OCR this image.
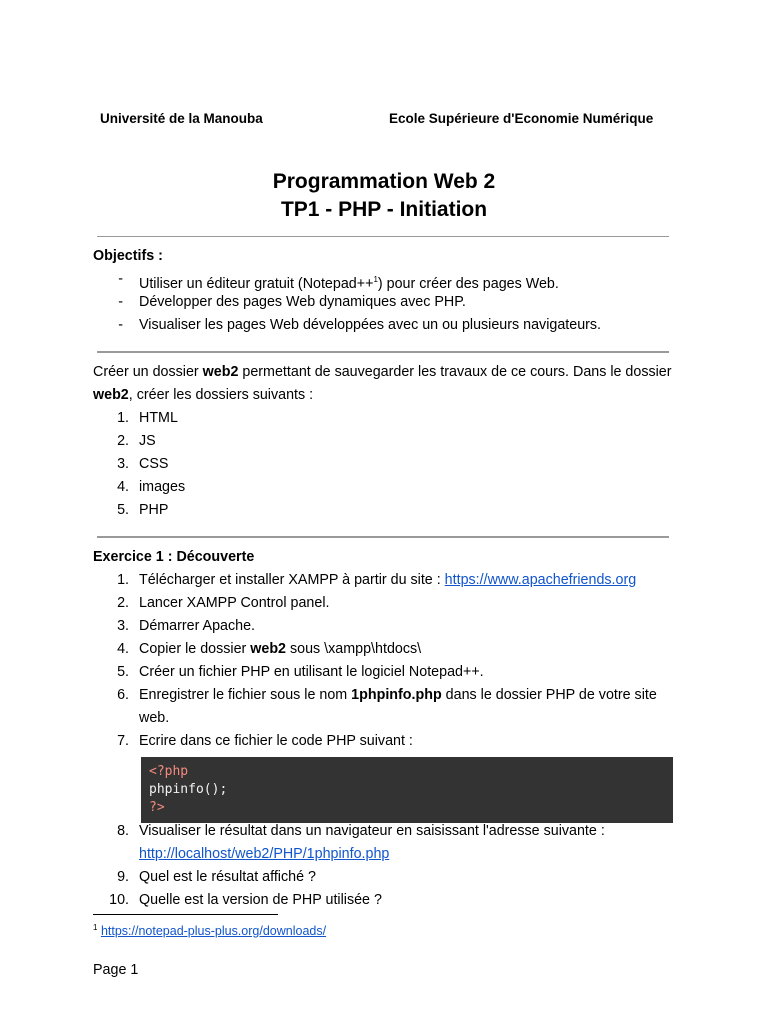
Université de la Manouba	Ecole Supérieure d'Economie Numérique
Programmation Web 2
TP1 - PHP - Initiation
Objectifs :
- Utiliser un éditeur gratuit (Notepad++$^1$) pour créer des pages Web.
- Développer des pages Web dynamiques avec PHP.
- Visualiser les pages Web développées avec un ou plusieurs navigateurs.
Créer un dossier web2 permettant de sauvegarder les travaux de ce cours. Dans le dossier
web2, créer les dossiers suivants :
1. HTML
2. JS
3. CSS
4. images
5. PHP
Exercice 1 : Découverte
1. Télécharger et installer XAMPP à partir du site : https://www.apachefriends.org
2. Lancer XAMPP Control panel.
3. Démarrer Apache.
4. Copier le dossier web2 sous \xampp\htdocs\
5. Créer un fichier PHP en utilisant le logiciel Notepad++.
6. Enregistrer le fichier sous le nom 1phpinfo.php dans le dossier PHP de votre site
web.
7. Ecrire dans ce fichier le code PHP suivant :
<?php
phpinfo();
?>
8. Visualiser le résultat dans un navigateur en saisissant l'adresse suivante :
http://localhost/web2/PHP/1phpinfo.php
9. Quel est le résultat affiché ?
10. Quelle est la version de PHP utilisée ?
$^1$ https://notepad-plus-plus.org/downloads/
Page 1
